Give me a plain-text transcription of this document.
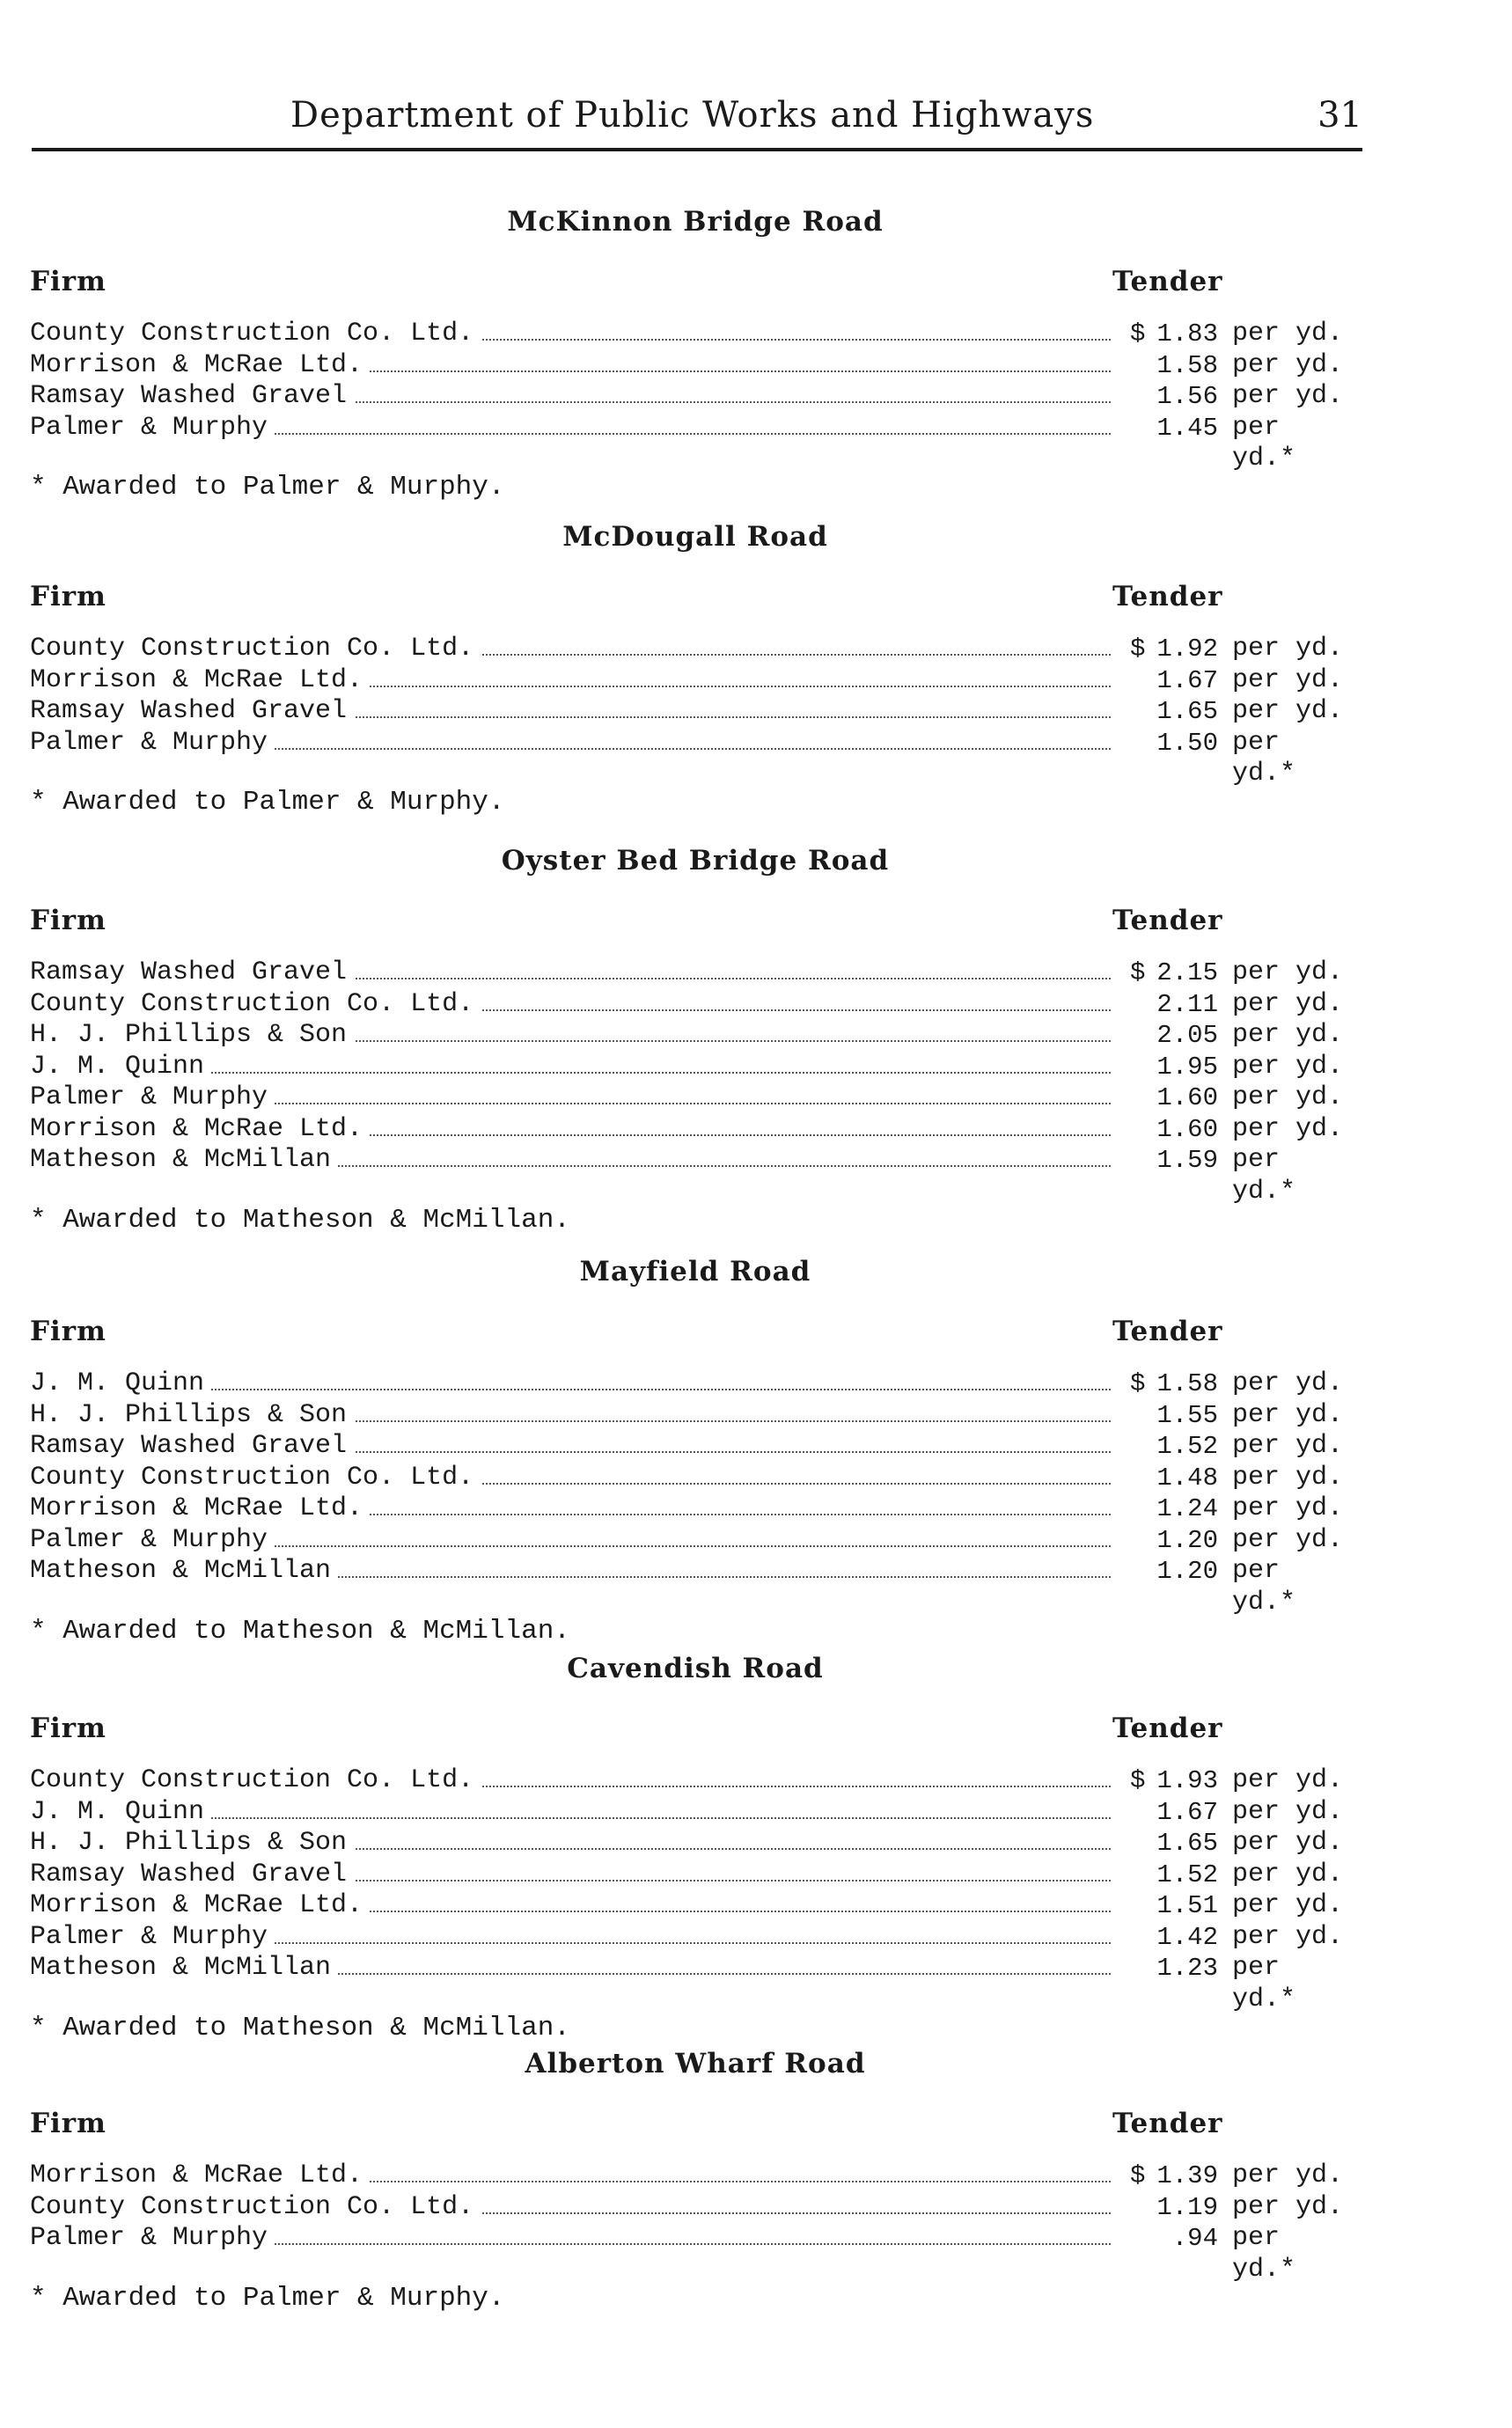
Department of Public Works and Highways	31
McKinnon Bridge Road
Firm	Tender
County Construction Co. Ltd.	$ 1.83 per yd.
Morrison & McRae Ltd.	1.58 per yd.
Ramsay Washed Gravel	1.56 per yd.
Palmer & Murphy	1.45 per yd.*
* Awarded to Palmer & Murphy.
McDougall Road
Firm	Tender
County Construction Co. Ltd.	$ 1.92 per yd.
Morrison & McRae Ltd.	1.67 per yd.
Ramsay Washed Gravel	1.65 per yd.
Palmer & Murphy	1.50 per yd.*
* Awarded to Palmer & Murphy.
Oyster Bed Bridge Road
Firm	Tender
Ramsay Washed Gravel	$ 2.15 per yd.
County Construction Co. Ltd.	2.11 per yd.
H. J. Phillips & Son	2.05 per yd.
J. M. Quinn	1.95 per yd.
Palmer & Murphy	1.60 per yd.
Morrison & McRae Ltd.	1.60 per yd.
Matheson & McMillan	1.59 per yd.*
* Awarded to Matheson & McMillan.
Mayfield Road
Firm	Tender
J. M. Quinn	$ 1.58 per yd.
H. J. Phillips & Son	1.55 per yd.
Ramsay Washed Gravel	1.52 per yd.
County Construction Co. Ltd.	1.48 per yd.
Morrison & McRae Ltd.	1.24 per yd.
Palmer & Murphy	1.20 per yd.
Matheson & McMillan	1.20 per yd.*
* Awarded to Matheson & McMillan.
Cavendish Road
Firm	Tender
County Construction Co. Ltd.	$ 1.93 per yd.
J. M. Quinn	1.67 per yd.
H. J. Phillips & Son	1.65 per yd.
Ramsay Washed Gravel	1.52 per yd.
Morrison & McRae Ltd.	1.51 per yd.
Palmer & Murphy	1.42 per yd.
Matheson & McMillan	1.23 per yd.*
* Awarded to Matheson & McMillan.
Alberton Wharf Road
Firm	Tender
Morrison & McRae Ltd.	$ 1.39 per yd.
County Construction Co. Ltd.	1.19 per yd.
Palmer & Murphy	.94 per yd.*
* Awarded to Palmer & Murphy.
